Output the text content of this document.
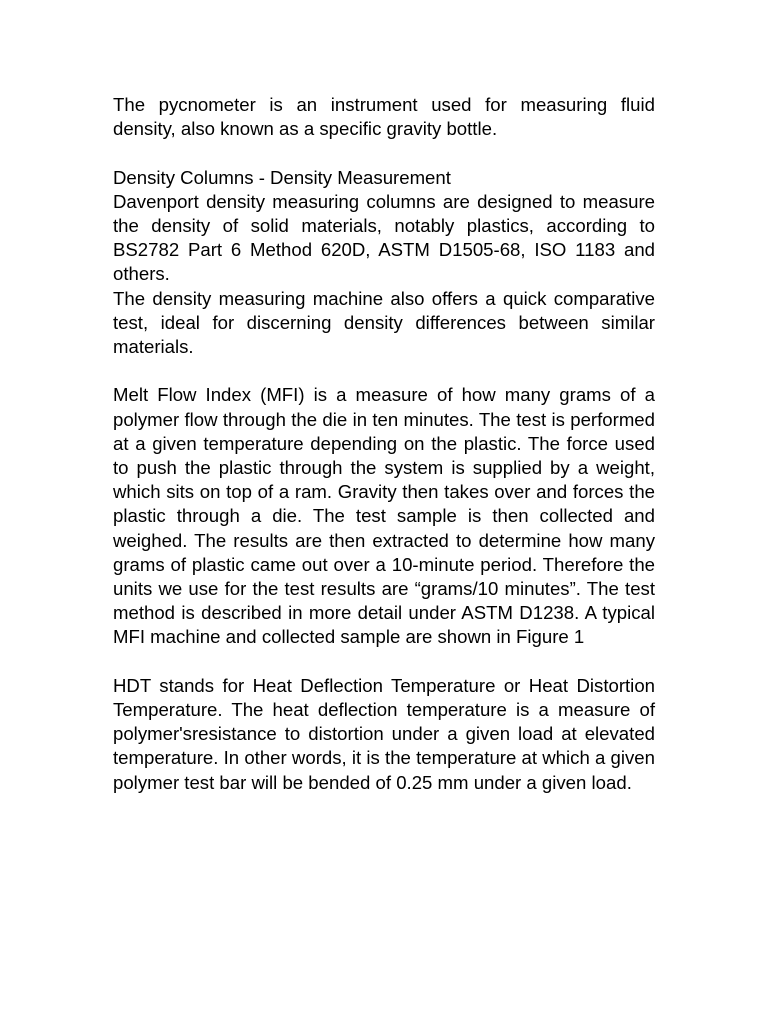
The pycnometer is an instrument used for measuring fluid density, also known as a specific gravity bottle.

Density Columns - Density Measurement

Davenport density measuring columns are designed to measure the density of solid materials, notably plastics, according to BS2782 Part 6 Method 620D, ASTM D1505-68, ISO 1183 and others.

The density measuring machine also offers a quick comparative test, ideal for discerning density differences between similar materials.

Melt Flow Index (MFI) is a measure of how many grams of a polymer flow through the die in ten minutes. The test is performed at a given temperature depending on the plastic. The force used to push the plastic through the system is supplied by a weight, which sits on top of a ram. Gravity then takes over and forces the plastic through a die. The test sample is then collected and weighed. The results are then extracted to determine how many grams of plastic came out over a 10-minute period. Therefore the units we use for the test results are “grams/10 minutes”. The test method is described in more detail under ASTM D1238. A typical MFI machine and collected sample are shown in Figure 1

HDT stands for Heat Deflection Temperature or Heat Distortion Temperature. The heat deflection temperature is a measure of polymer'sresistance to distortion under a given load at elevated temperature. In other words, it is the temperature at which a given polymer test bar will be bended of 0.25 mm under a given load.
